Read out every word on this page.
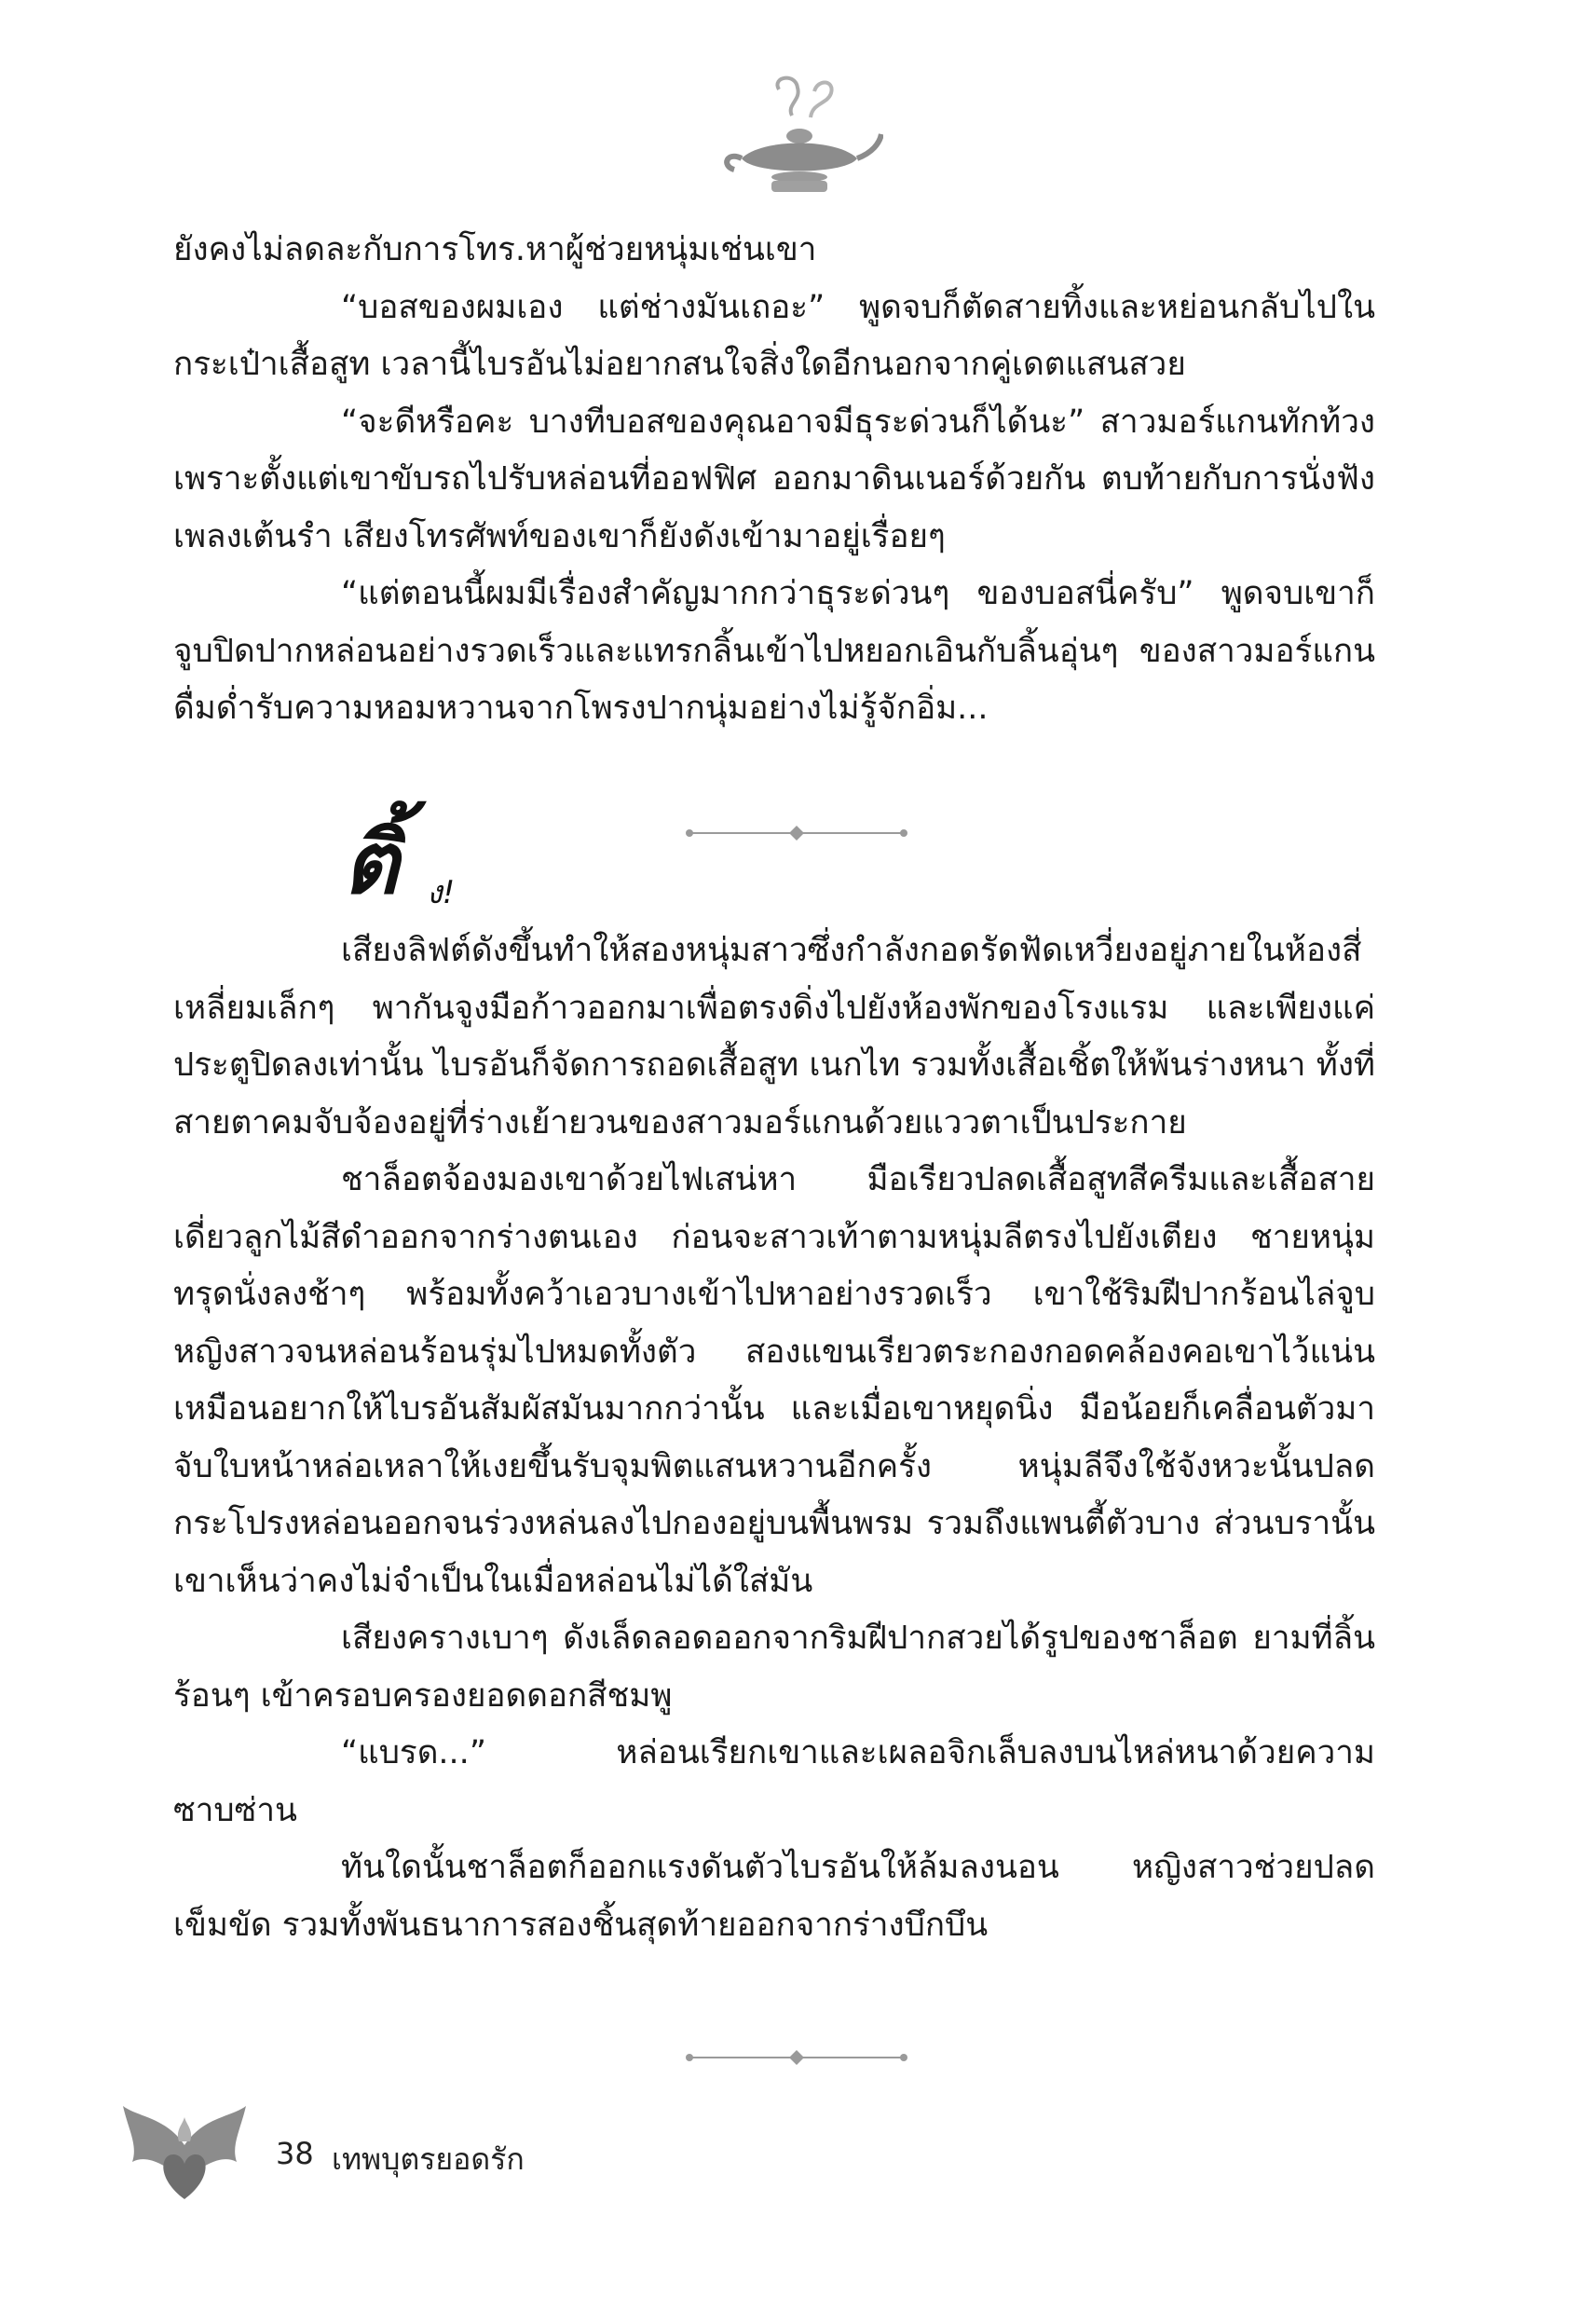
ยังคงไม่ลดละกับการโทร.หาผู้ช่วยหนุ่มเช่นเขา

“บอสของผมเอง แต่ช่างมันเถอะ” พูดจบก็ตัดสายทิ้งและหย่อนกลับไปในกระเป๋าเสื้อสูท เวลานี้ไบรอันไม่อยากสนใจสิ่งใดอีกนอกจากคู่เดตแสนสวย

“จะดีหรือคะ บางทีบอสของคุณอาจมีธุระด่วนก็ได้นะ” สาวมอร์แกนทักท้วง เพราะตั้งแต่เขาขับรถไปรับหล่อนที่ออฟฟิศ ออกมาดินเนอร์ด้วยกัน ตบท้ายกับการนั่งฟังเพลงเต้นรำ เสียงโทรศัพท์ของเขาก็ยังดังเข้ามาอยู่เรื่อยๆ

“แต่ตอนนี้ผมมีเรื่องสำคัญมากกว่าธุระด่วนๆ ของบอสนี่ครับ” พูดจบเขาก็จูบปิดปากหล่อนอย่างรวดเร็วและแทรกลิ้นเข้าไปหยอกเอินกับลิ้นอุ่นๆ ของสาวมอร์แกน ดื่มด่ำรับความหอมหวานจากโพรงปากนุ่มอย่างไม่รู้จักอิ่ม...

ติ้ ง!

เสียงลิฟต์ดังขึ้นทำให้สองหนุ่มสาวซึ่งกำลังกอดรัดฟัดเหวี่ยงอยู่ภายในห้องสี่เหลี่ยมเล็กๆ พากันจูงมือก้าวออกมาเพื่อตรงดิ่งไปยังห้องพักของโรงแรม และเพียงแค่ประตูปิดลงเท่านั้น ไบรอันก็จัดการถอดเสื้อสูท เนกไท รวมทั้งเสื้อเชิ้ตให้พ้นร่างหนา ทั้งที่สายตาคมจับจ้องอยู่ที่ร่างเย้ายวนของสาวมอร์แกนด้วยแววตาเป็นประกาย

ชาล็อตจ้องมองเขาด้วยไฟเสน่หา มือเรียวปลดเสื้อสูทสีครีมและเสื้อสายเดี่ยวลูกไม้สีดำออกจากร่างตนเอง ก่อนจะสาวเท้าตามหนุ่มลีตรงไปยังเตียง ชายหนุ่มทรุดนั่งลงช้าๆ พร้อมทั้งคว้าเอวบางเข้าไปหาอย่างรวดเร็ว เขาใช้ริมฝีปากร้อนไล่จูบหญิงสาวจนหล่อนร้อนรุ่มไปหมดทั้งตัว สองแขนเรียวตระกองกอดคล้องคอเขาไว้แน่นเหมือนอยากให้ไบรอันสัมผัสมันมากกว่านั้น และเมื่อเขาหยุดนิ่ง มือน้อยก็เคลื่อนตัวมาจับใบหน้าหล่อเหลาให้เงยขึ้นรับจุมพิตแสนหวานอีกครั้ง หนุ่มลีจึงใช้จังหวะนั้นปลดกระโปรงหล่อนออกจนร่วงหล่นลงไปกองอยู่บนพื้นพรม รวมถึงแพนตี้ตัวบาง ส่วนบรานั้นเขาเห็นว่าคงไม่จำเป็นในเมื่อหล่อนไม่ได้ใส่มัน

เสียงครางเบาๆ ดังเล็ดลอดออกจากริมฝีปากสวยได้รูปของชาล็อต ยามที่ลิ้นร้อนๆ เข้าครอบครองยอดดอกสีชมพู

“แบรด...” หล่อนเรียกเขาและเผลอจิกเล็บลงบนไหล่หนาด้วยความซาบซ่าน

ทันใดนั้นชาล็อตก็ออกแรงดันตัวไบรอันให้ล้มลงนอน หญิงสาวช่วยปลดเข็มขัด รวมทั้งพันธนาการสองชิ้นสุดท้ายออกจากร่างบึกบึน

38 เทพบุตรยอดรัก
